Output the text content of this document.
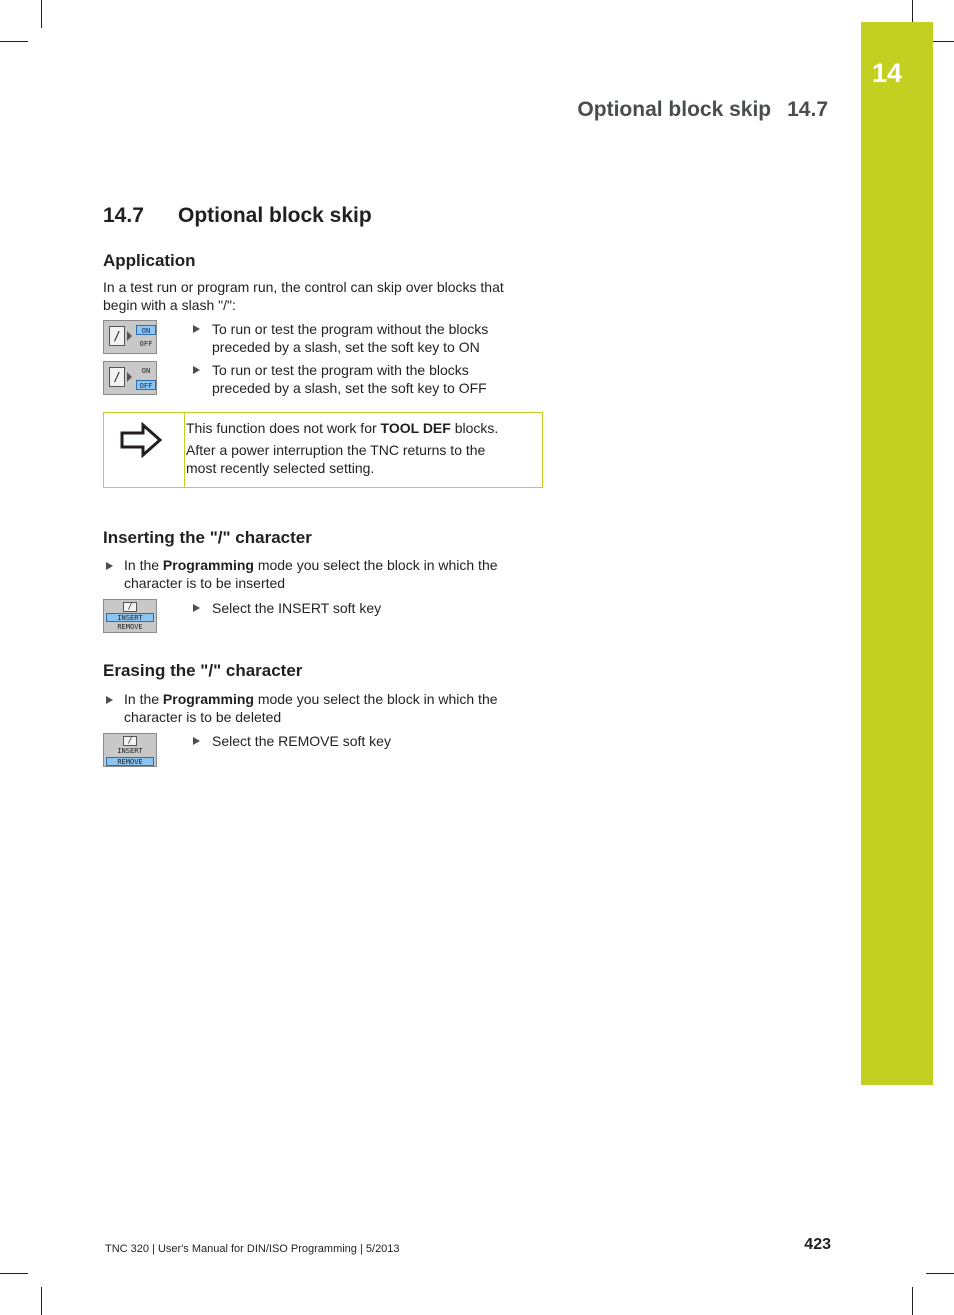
14
Optional block skip 14.7
14.7 Optional block skip
Application

In a test run or program run, the control can skip over blocks that
begin with a slash "/":

/	ON
OFF

To run or test the program without the blocks
preceded by a slash, set the soft key to ON

/	ON
OFF

To run or test the program with the blocks
preceded by a slash, set the soft key to OFF

This function does not work for TOOL DEF blocks.

After a power interruption the TNC returns to the
most recently selected setting.

Inserting the "/" character

In the Programming mode you select the block in which the
character is to be inserted

/
INSERT
REMOVE

Select the INSERT soft key

Erasing the "/" character

In the Programming mode you select the block in which the
character is to be deleted

/
INSERT
REMOVE

Select the REMOVE soft key

TNC 320 | User's Manual for DIN/ISO Programming | 5/2013	423
